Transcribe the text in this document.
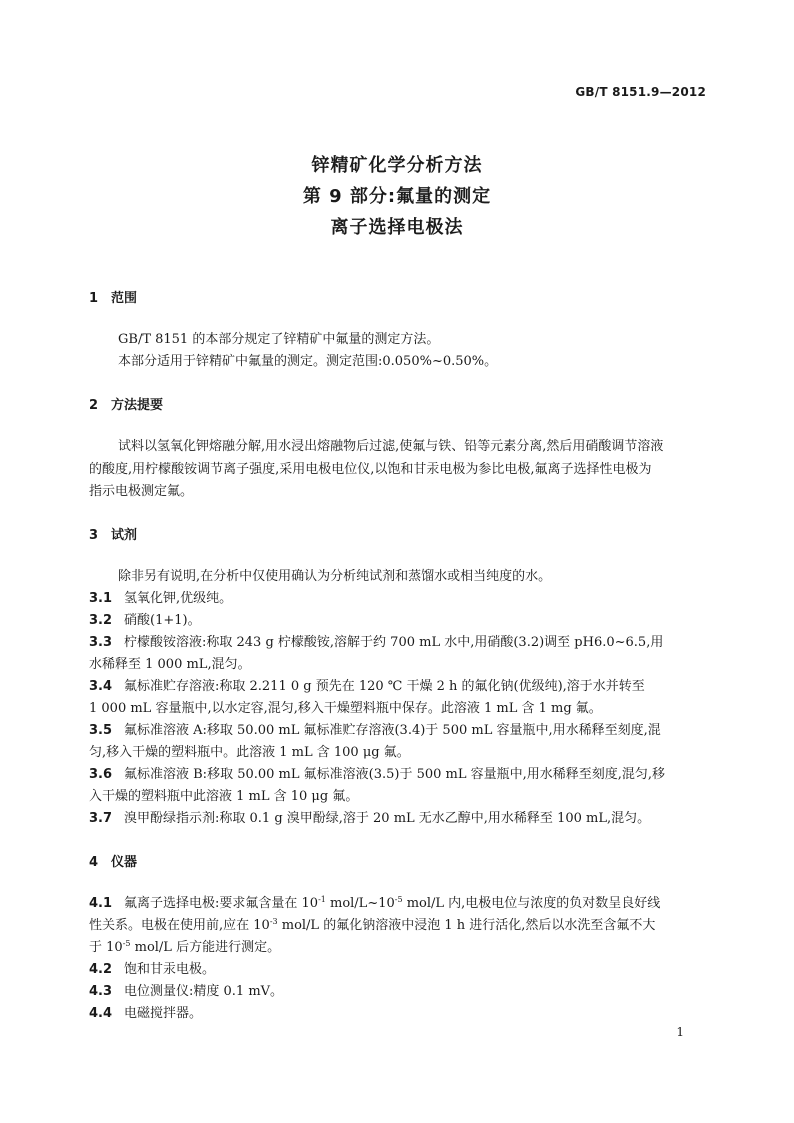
GB/T 8151.9—2012
锌精矿化学分析方法
第 9 部分:氟量的测定
离子选择电极法
1 范围
GB/T 8151 的本部分规定了锌精矿中氟量的测定方法。
本部分适用于锌精矿中氟量的测定。测定范围:0.050%~0.50%。
2 方法提要
试料以氢氧化钾熔融分解,用水浸出熔融物后过滤,使氟与铁、铅等元素分离,然后用硝酸调节溶液
的酸度,用柠檬酸铵调节离子强度,采用电极电位仪,以饱和甘汞电极为参比电极,氟离子选择性电极为
指示电极测定氟。
3 试剂
除非另有说明,在分析中仅使用确认为分析纯试剂和蒸馏水或相当纯度的水。
3.1 氢氧化钾,优级纯。
3.2 硝酸(1+1)。
3.3 柠檬酸铵溶液:称取 243 g 柠檬酸铵,溶解于约 700 mL 水中,用硝酸(3.2)调至 pH6.0~6.5,用
水稀释至 1 000 mL,混匀。
3.4 氟标准贮存溶液:称取 2.211 0 g 预先在 120 ℃ 干燥 2 h 的氟化钠(优级纯),溶于水并转至
1 000 mL 容量瓶中,以水定容,混匀,移入干燥塑料瓶中保存。此溶液 1 mL 含 1 mg 氟。
3.5 氟标准溶液 A:移取 50.00 mL 氟标准贮存溶液(3.4)于 500 mL 容量瓶中,用水稀释至刻度,混
匀,移入干燥的塑料瓶中。此溶液 1 mL 含 100 μg 氟。
3.6 氟标准溶液 B:移取 50.00 mL 氟标准溶液(3.5)于 500 mL 容量瓶中,用水稀释至刻度,混匀,移
入干燥的塑料瓶中此溶液 1 mL 含 10 μg 氟。
3.7 溴甲酚绿指示剂:称取 0.1 g 溴甲酚绿,溶于 20 mL 无水乙醇中,用水稀释至 100 mL,混匀。
4 仪器
4.1 氟离子选择电极:要求氟含量在 $10^{-1}$ mol/$L\sim 10^{-5}$ mol/L 内,电极电位与浓度的负对数呈良好线
性关系。电极在使用前,应在 $10^{-3}$ mol/L 的氟化钠溶液中浸泡 1 h 进行活化,然后以水洗至含氟不大
于 $10^{-5}$ mol/L 后方能进行测定。
4.2 饱和甘汞电极。
4.3 电位测量仪:精度 0.1 mV。
4.4 电磁搅拌器。
1
